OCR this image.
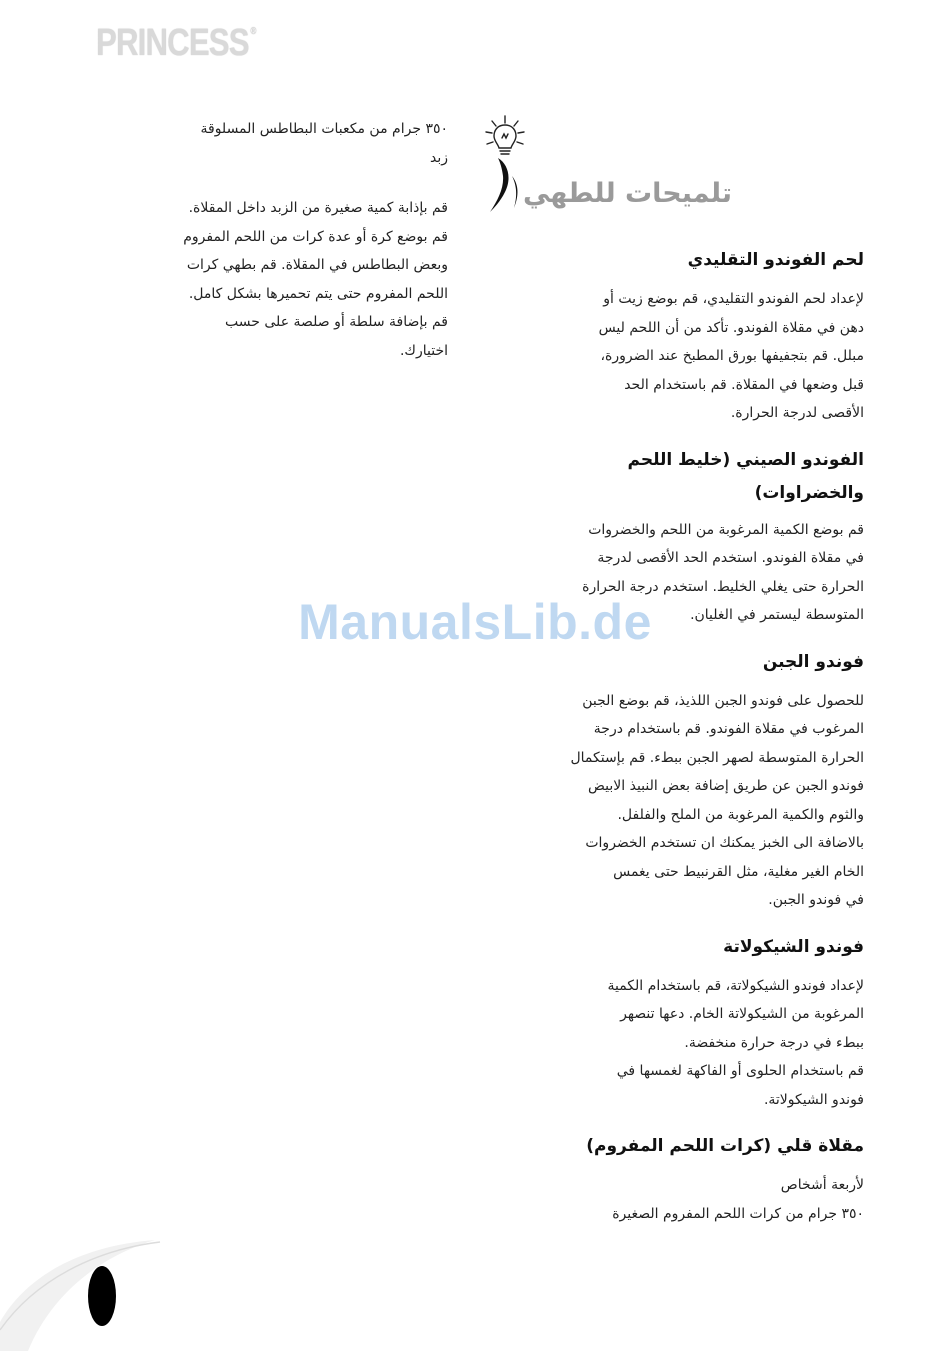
PRINCESS ®
تلميحات للطهي
لحم الفوندو التقليدي
لإعداد لحم الفوندو التقليدي، قم بوضع زيت أو
دهن في مقلاة الفوندو. تأكد من أن اللحم ليس
مبلل. قم بتجفيفها بورق المطبخ عند الضرورة،
قبل وضعها في المقلاة. قم باستخدام الحد
الأقصى لدرجة الحرارة.
الفوندو الصيني (خليط اللحم
والخضراوات)
قم بوضع الكمية المرغوبة من اللحم والخضروات
في مقلاة الفوندو. استخدم الحد الأقصى لدرجة
الحرارة حتى يغلي الخليط. استخدم درجة الحرارة
المتوسطة ليستمر في الغليان.
فوندو الجبن
للحصول على فوندو الجبن اللذيذ، قم بوضع الجبن
المرغوب في مقلاة الفوندو. قم باستخدام درجة
الحرارة المتوسطة لصهر الجبن ببطء. قم بإستكمال
فوندو الجبن عن طريق إضافة بعض النبيذ الابيض
والثوم والكمية المرغوبة من الملح والفلفل.
بالاضافة الى الخبز يمكنك ان تستخدم الخضروات
الخام الغير مغلية، مثل القرنبيط حتى يغمس
في فوندو الجبن.
فوندو الشيكولاتة
لإعداد فوندو الشيكولاتة، قم باستخدام الكمية
المرغوبة من الشيكولاتة الخام. دعها تنصهر
ببطء في درجة حرارة منخفضة.
قم باستخدام الحلوى أو الفاكهة لغمسها في
فوندو الشيكولاتة.
مقلاة قلي (كرات اللحم المفروم)
لأربعة أشخاص
٣٥٠ جرام من كرات اللحم المفروم الصغيرة
٣٥٠ جرام من مكعبات البطاطس المسلوقة
زبد
قم بإذابة كمية صغيرة من الزبد داخل المقلاة.
قم بوضع كرة أو عدة كرات من اللحم المفروم
وبعض البطاطس في المقلاة. قم بطهي كرات
اللحم المفروم حتى يتم تحميرها بشكل كامل.
قم بإضافة سلطة أو صلصة على حسب
اختيارك.
ManualsLib.de
